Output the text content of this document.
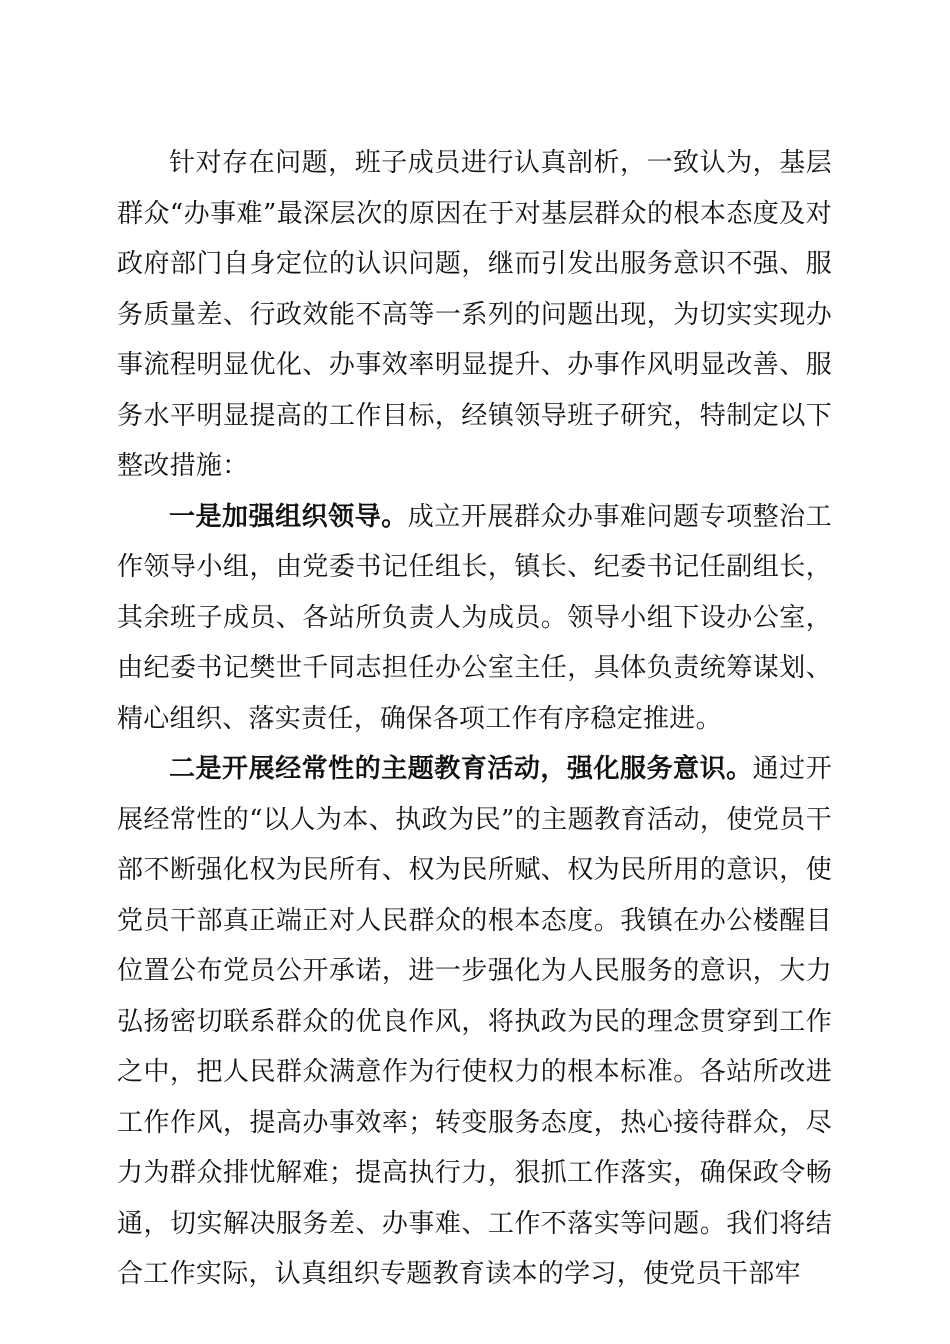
针对存在问题，班子成员进行认真剖析，一致认为，基层群众“办事难”最深层次的原因在于对基层群众的根本态度及对政府部门自身定位的认识问题，继而引发出服务意识不强、服务质量差、行政效能不高等一系列的问题出现，为切实实现办事流程明显优化、办事效率明显提升、办事作风明显改善、服务水平明显提高的工作目标，经镇领导班子研究，特制定以下整改措施：

一是加强组织领导。成立开展群众办事难问题专项整治工作领导小组，由党委书记任组长，镇长、纪委书记任副组长，其余班子成员、各站所负责人为成员。领导小组下设办公室，由纪委书记樊世千同志担任办公室主任，具体负责统筹谋划、精心组织、落实责任，确保各项工作有序稳定推进。

二是开展经常性的主题教育活动，强化服务意识。通过开展经常性的“以人为本、执政为民”的主题教育活动，使党员干部不断强化权为民所有、权为民所赋、权为民所用的意识，使党员干部真正端正对人民群众的根本态度。我镇在办公楼醒目位置公布党员公开承诺，进一步强化为人民服务的意识，大力弘扬密切联系群众的优良作风，将执政为民的理念贯穿到工作之中，把人民群众满意作为行使权力的根本标准。各站所改进工作作风，提高办事效率；转变服务态度，热心接待群众，尽力为群众排忧解难；提高执行力，狠抓工作落实，确保政令畅通，切实解决服务差、办事难、工作不落实等问题。我们将结合工作实际，认真组织专题教育读本的学习，使党员干部牢
